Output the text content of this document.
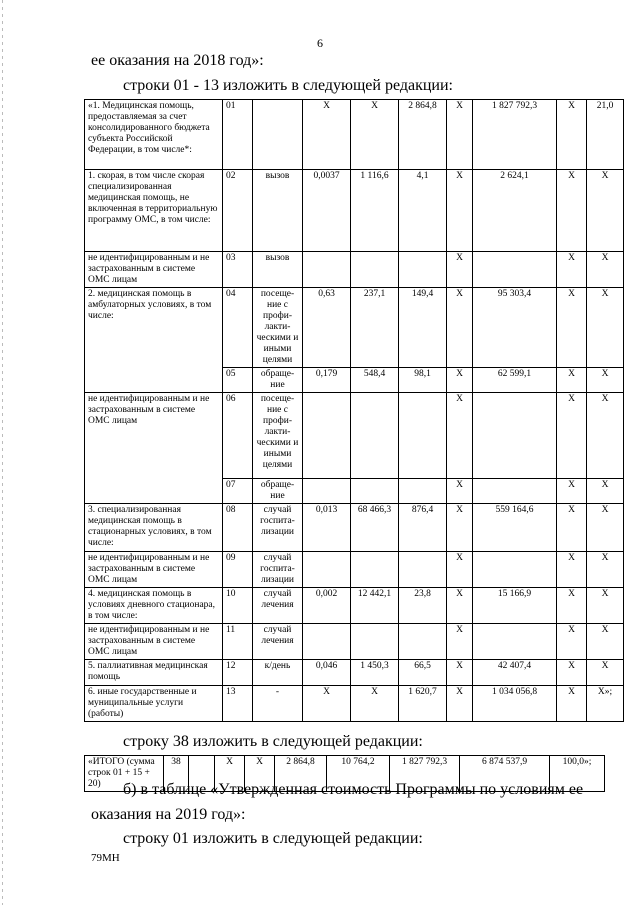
6
ее оказания на 2018 год»:
строки 01 - 13 изложить в следующей редакции:
«1. Медицинская помощь, предоставляемая за счет консолидированного бюджета субъекта Российской Федерации, в том числе*:	01		X	X	2 864,8	X	1 827 792,3	X	21,0
1. скорая, в том числе скорая специализированная медицинская помощь, не включенная в территориальную программу ОМС, в том числе:	02	вызов	0,0037	1 116,6	4,1	X	2 624,1	X	X
не идентифицированным и не застрахованным в системе ОМС лицам	03	вызов				X		X	X
2. медицинская помощь в амбулаторных условиях, в том числе:	04	посеще-ние с профи-лакти-ческими и иными целями	0,63	237,1	149,4	X	95 303,4	X	X
	05	обраще-ние	0,179	548,4	98,1	X	62 599,1	X	X
не идентифицированным и не застрахованным в системе ОМС лицам	06	посеще-ние с профи-лакти-ческими и иными целями				X		X	X
	07	обраще-ние				X		X	X
3. специализированная медицинская помощь в стационарных условиях, в том числе:	08	случай госпита-лизации	0,013	68 466,3	876,4	X	559 164,6	X	X
не идентифицированным и не застрахованным в системе ОМС лицам	09	случай госпита-лизации				X		X	X
4. медицинская помощь в условиях дневного стационара, в том числе:	10	случай лечения	0,002	12 442,1	23,8	X	15 166,9	X	X
не идентифицированным и не застрахованным в системе ОМС лицам	11	случай лечения				X		X	X
5. паллиативная медицинская помощь	12	к/день	0,046	1 450,3	66,5	X	42 407,4	X	X
6. иные государственные и муниципальные услуги (работы)	13	-	X	X	1 620,7	X	1 034 056,8	X	X»;
строку 38 изложить в следующей редакции:
«ИТОГО (сумма строк 01 + 15 + 20)	38		X	X	2 864,8	10 764,2	1 827 792,3	6 874 537,9	100,0»;
б) в таблице «Утвержденная стоимость Программы по условиям ее
оказания на 2019 год»:
строку 01 изложить в следующей редакции:
79МН
